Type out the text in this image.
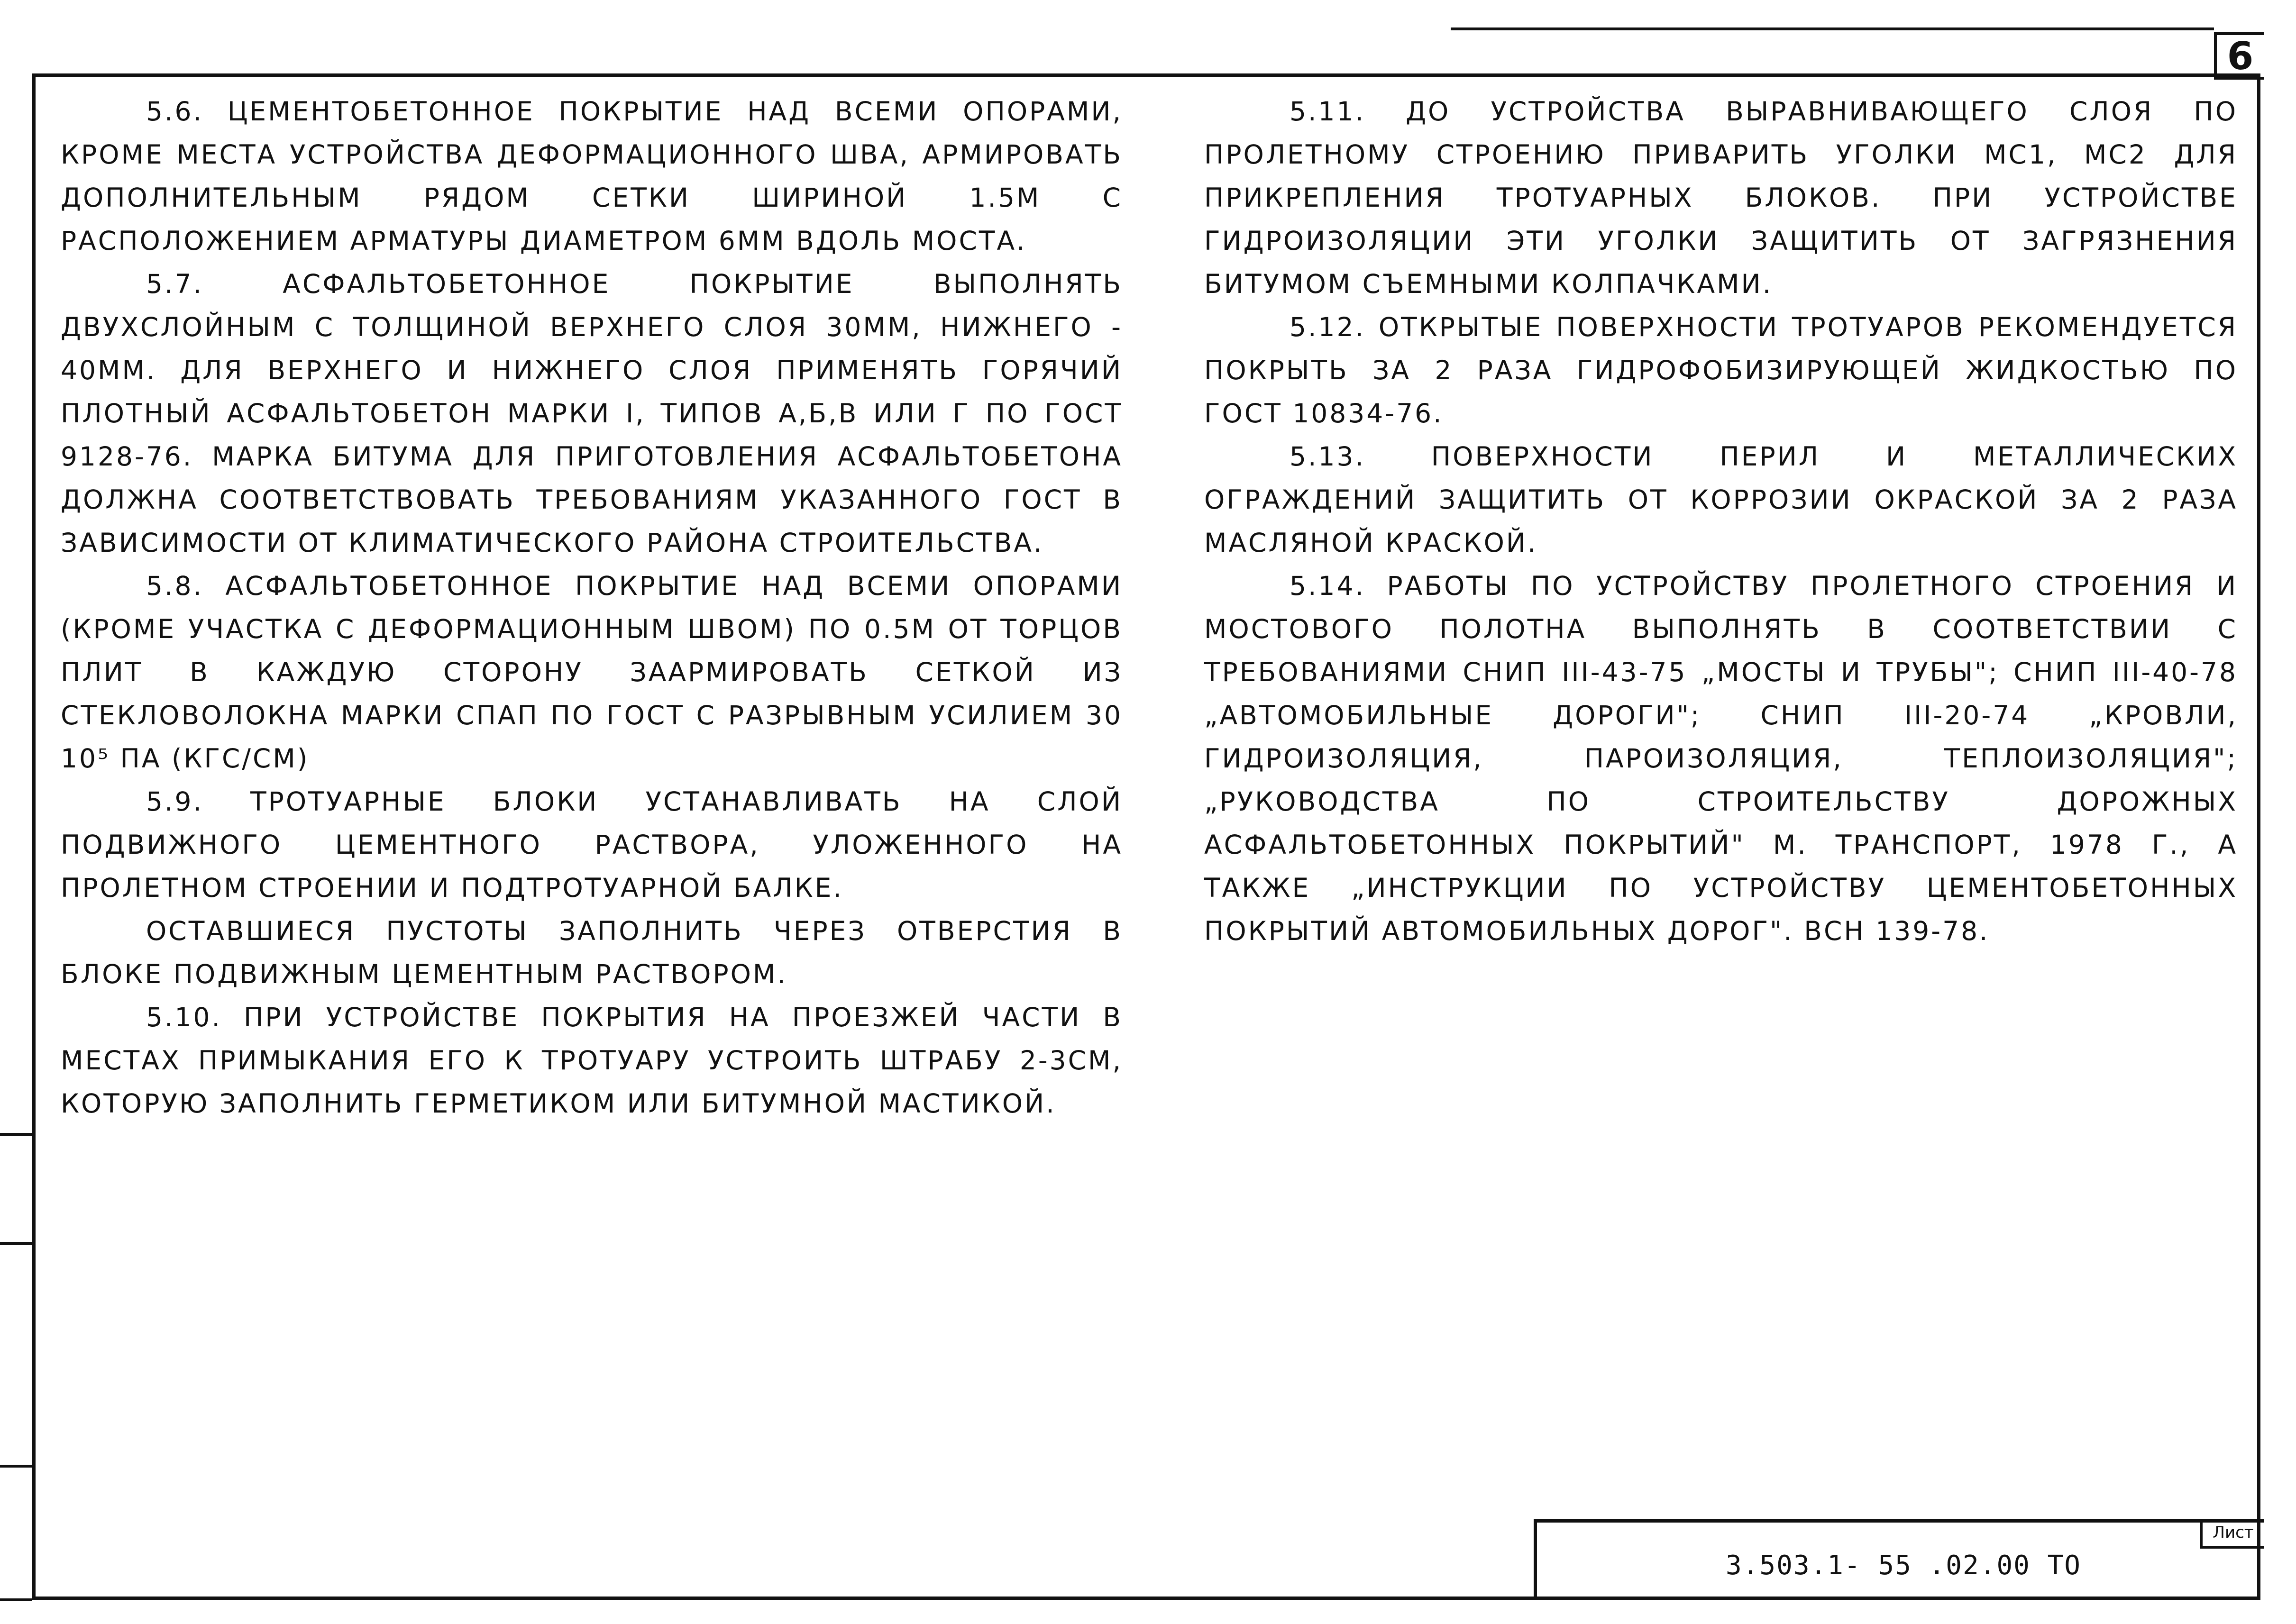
6

5.6. ЦЕМЕНТОБЕТОННОЕ ПОКРЫТИЕ НАД ВСЕМИ ОПОРАМИ, КРОМЕ МЕСТА УСТРОЙСТВА ДЕФОРМАЦИОННОГО ШВА, АРМИРОВАТЬ ДОПОЛНИТЕЛЬНЫМ РЯДОМ СЕТКИ ШИРИНОЙ 1.5М С РАСПОЛОЖЕНИЕМ АРМАТУРЫ ДИАМЕТРОМ 6ММ ВДОЛЬ МОСТА.

5.7. АСФАЛЬТОБЕТОННОЕ ПОКРЫТИЕ ВЫПОЛНЯТЬ ДВУХСЛОЙНЫМ С ТОЛЩИНОЙ ВЕРХНЕГО СЛОЯ 30ММ, НИЖНЕГО - 40ММ. ДЛЯ ВЕРХНЕГО И НИЖНЕГО СЛОЯ ПРИМЕНЯТЬ ГОРЯЧИЙ ПЛОТНЫЙ АСФАЛЬТОБЕТОН МАРКИ I, ТИПОВ А,Б,В ИЛИ Г ПО ГОСТ 9128-76. МАРКА БИТУМА ДЛЯ ПРИГОТОВЛЕНИЯ АСФАЛЬТОБЕТОНА ДОЛЖНА СООТВЕТСТВОВАТЬ ТРЕБОВАНИЯМ УКАЗАННОГО ГОСТ В ЗАВИСИМОСТИ ОТ КЛИМАТИЧЕСКОГО РАЙОНА СТРОИТЕЛЬСТВА.

5.8. АСФАЛЬТОБЕТОННОЕ ПОКРЫТИЕ НАД ВСЕМИ ОПОРАМИ (КРОМЕ УЧАСТКА С ДЕФОРМАЦИОННЫМ ШВОМ) ПО 0.5М ОТ ТОРЦОВ ПЛИТ В КАЖДУЮ СТОРОНУ ЗААРМИРОВАТЬ СЕТКОЙ ИЗ СТЕКЛОВОЛОКНА МАРКИ СПАП ПО ГОСТ С РАЗРЫВНЫМ УСИЛИЕМ 30 10⁵ ПА (КГС/СМ)

5.9. ТРОТУАРНЫЕ БЛОКИ УСТАНАВЛИВАТЬ НА СЛОЙ ПОДВИЖНОГО ЦЕМЕНТНОГО РАСТВОРА, УЛОЖЕННОГО НА ПРОЛЕТНОМ СТРОЕНИИ И ПОДТРОТУАРНОЙ БАЛКЕ.

ОСТАВШИЕСЯ ПУСТОТЫ ЗАПОЛНИТЬ ЧЕРЕЗ ОТВЕРСТИЯ В БЛОКЕ ПОДВИЖНЫМ ЦЕМЕНТНЫМ РАСТВОРОМ.

5.10. ПРИ УСТРОЙСТВЕ ПОКРЫТИЯ НА ПРОЕЗЖЕЙ ЧАСТИ В МЕСТАХ ПРИМЫКАНИЯ ЕГО К ТРОТУАРУ УСТРОИТЬ ШТРАБУ 2-3СМ, КОТОРУЮ ЗАПОЛНИТЬ ГЕРМЕТИКОМ ИЛИ БИТУМНОЙ МАСТИКОЙ.

5.11. ДО УСТРОЙСТВА ВЫРАВНИВАЮЩЕГО СЛОЯ ПО ПРОЛЕТНОМУ СТРОЕНИЮ ПРИВАРИТЬ УГОЛКИ МС1, МС2 ДЛЯ ПРИКРЕПЛЕНИЯ ТРОТУАРНЫХ БЛОКОВ. ПРИ УСТРОЙСТВЕ ГИДРОИЗОЛЯЦИИ ЭТИ УГОЛКИ ЗАЩИТИТЬ ОТ ЗАГРЯЗНЕНИЯ БИТУМОМ СЪЕМНЫМИ КОЛПАЧКАМИ.

5.12. ОТКРЫТЫЕ ПОВЕРХНОСТИ ТРОТУАРОВ РЕКОМЕНДУЕТСЯ ПОКРЫТЬ ЗА 2 РАЗА ГИДРОФОБИЗИРУЮЩЕЙ ЖИДКОСТЬЮ ПО ГОСТ 10834-76.

5.13. ПОВЕРХНОСТИ ПЕРИЛ И МЕТАЛЛИЧЕСКИХ ОГРАЖДЕНИЙ ЗАЩИТИТЬ ОТ КОРРОЗИИ ОКРАСКОЙ ЗА 2 РАЗА МАСЛЯНОЙ КРАСКОЙ.

5.14. РАБОТЫ ПО УСТРОЙСТВУ ПРОЛЕТНОГО СТРОЕНИЯ И МОСТОВОГО ПОЛОТНА ВЫПОЛНЯТЬ В СООТВЕТСТВИИ С ТРЕБОВАНИЯМИ СНИП III-43-75 „МОСТЫ И ТРУБЫ"; СНИП III-40-78 „АВТОМОБИЛЬНЫЕ ДОРОГИ"; СНИП III-20-74 „КРОВЛИ, ГИДРОИЗОЛЯЦИЯ, ПАРОИЗОЛЯЦИЯ, ТЕПЛОИЗОЛЯЦИЯ"; „РУКОВОДСТВА ПО СТРОИТЕЛЬСТВУ ДОРОЖНЫХ АСФАЛЬТОБЕТОННЫХ ПОКРЫТИЙ" М. ТРАНСПОРТ, 1978 Г., А ТАКЖЕ „ИНСТРУКЦИИ ПО УСТРОЙСТВУ ЦЕМЕНТОБЕТОННЫХ ПОКРЫТИЙ АВТОМОБИЛЬНЫХ ДОРОГ". ВСН 139-78.

3.503.1- 55 .02.00 ТО
Лист
